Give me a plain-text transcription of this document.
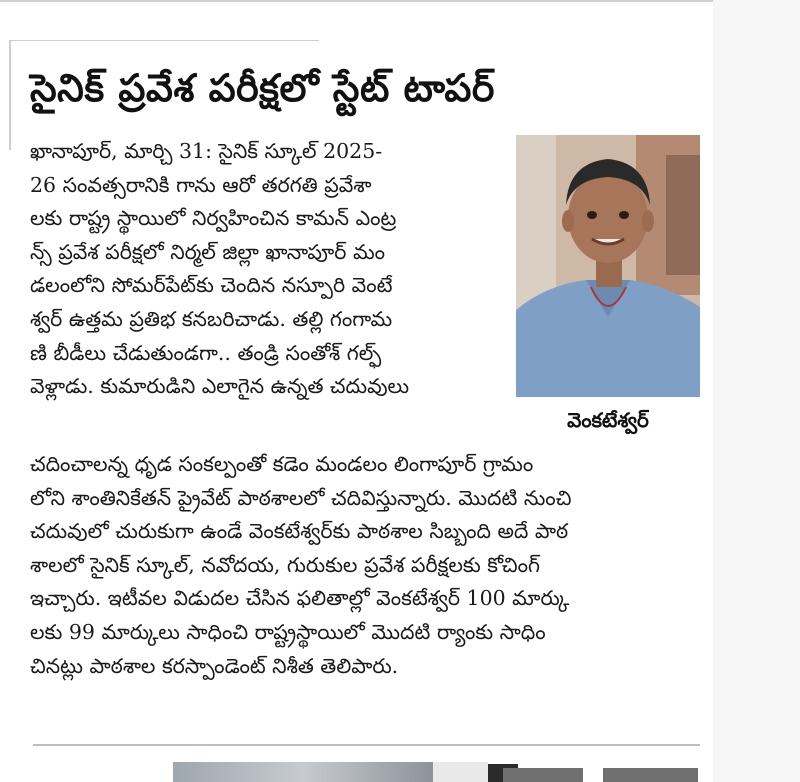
సైనిక్ ప్రవేశ పరీక్షలో స్టేట్ టాపర్
ఖానాపూర్, మార్చి 31: సైనిక్ స్కూల్ 2025-
26 సంవత్సరానికి గాను ఆరో తరగతి ప్రవేశా
లకు రాష్ట్ర స్థాయిలో నిర్వహించిన కామన్ ఎంట్ర
న్స్ ప్రవేశ పరీక్షలో నిర్మల్ జిల్లా ఖానాపూర్ మం
డలంలోని సోమర్‌పేట్‌కు చెందిన నస్పూరి వెంటే
శ్వర్ ఉత్తమ ప్రతిభ కనబరిచాడు. తల్లి గంగామ
ణి బీడీలు చేడుతుండగా.. తండ్రి సంతోశ్ గల్ఫ్
వెళ్లాడు. కుమారుడిని ఎలాగైన ఉన్నత చదువులు

వెంకటేశ్వర్

చదించాలన్న ధృడ సంకల్పంతో కడెం మండలం లింగాపూర్ గ్రామం
లోని శాంతినికేతన్ ప్రైవేట్ పాఠశాలలో చదివిస్తున్నారు. మొదటి నుంచి
చదువులో చురుకుగా ఉండే వెంకటేశ్వర్‌కు పాఠశాల సిబ్బంది అదే పాఠ
శాలలో సైనిక్ స్కూల్, నవోదయ, గురుకుల ప్రవేశ పరీక్షలకు కోచింగ్
ఇచ్చారు. ఇటీవల విడుదల చేసిన ఫలితాల్లో వెంకటేశ్వర్ 100 మార్కు
లకు 99 మార్కులు సాధించి రాష్ట్రస్థాయిలో మొదటి ర్యాంకు సాధిం
చినట్లు పాఠశాల కరస్పాండెంట్ నిశీత తెలిపారు.
